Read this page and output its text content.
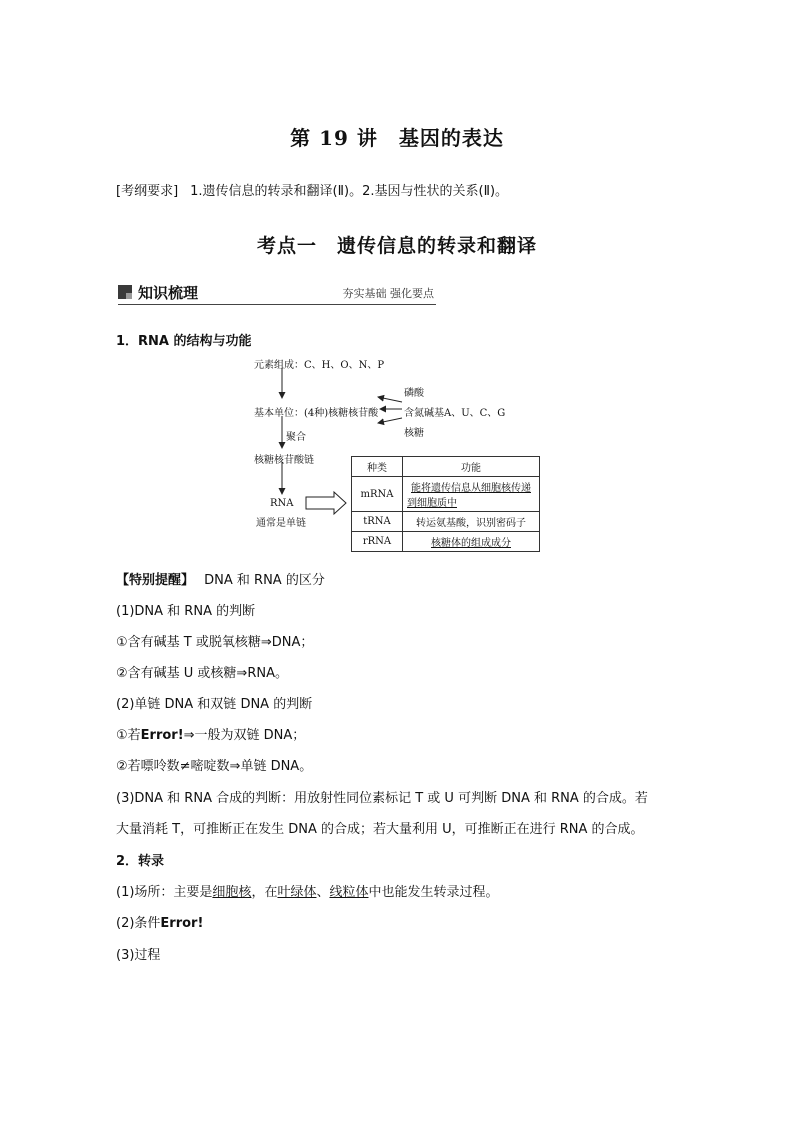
第 19 讲　基因的表达
[考纲要求] 1.遗传信息的转录和翻译(Ⅱ)。2.基因与性状的关系(Ⅱ)。
考点一　遗传信息的转录和翻译
知识梳理	夯实基础 强化要点
1．RNA 的结构与功能
元素组成：C、H、O、N、P
基本单位：(4种)核糖核苷酸
磷酸
含氮碱基A、U、C、G
核糖
聚合
核糖核苷酸链
RNA
通常是单链
种类	功能
mRNA	能将遗传信息从细胞核传递
到细胞质中

tRNA	转运氨基酸，识别密码子
rRNA	核糖体的组成成分
【特别提醒】 DNA 和 RNA 的区分
(1)DNA 和 RNA 的判断
①含有碱基 T 或脱氧核糖⇒DNA；
②含有碱基 U 或核糖⇒RNA。
(2)单链 DNA 和双链 DNA 的判断
①若Error!⇒一般为双链 DNA；
②若嘌呤数≠嘧啶数⇒单链 DNA。
(3)DNA 和 RNA 合成的判断：用放射性同位素标记 T 或 U 可判断 DNA 和 RNA 的合成。若
大量消耗 T，可推断正在发生 DNA 的合成；若大量利用 U，可推断正在进行 RNA 的合成。
2．转录
(1)场所：主要是细胞核，在叶绿体、线粒体中也能发生转录过程。
(2)条件Error!
(3)过程
